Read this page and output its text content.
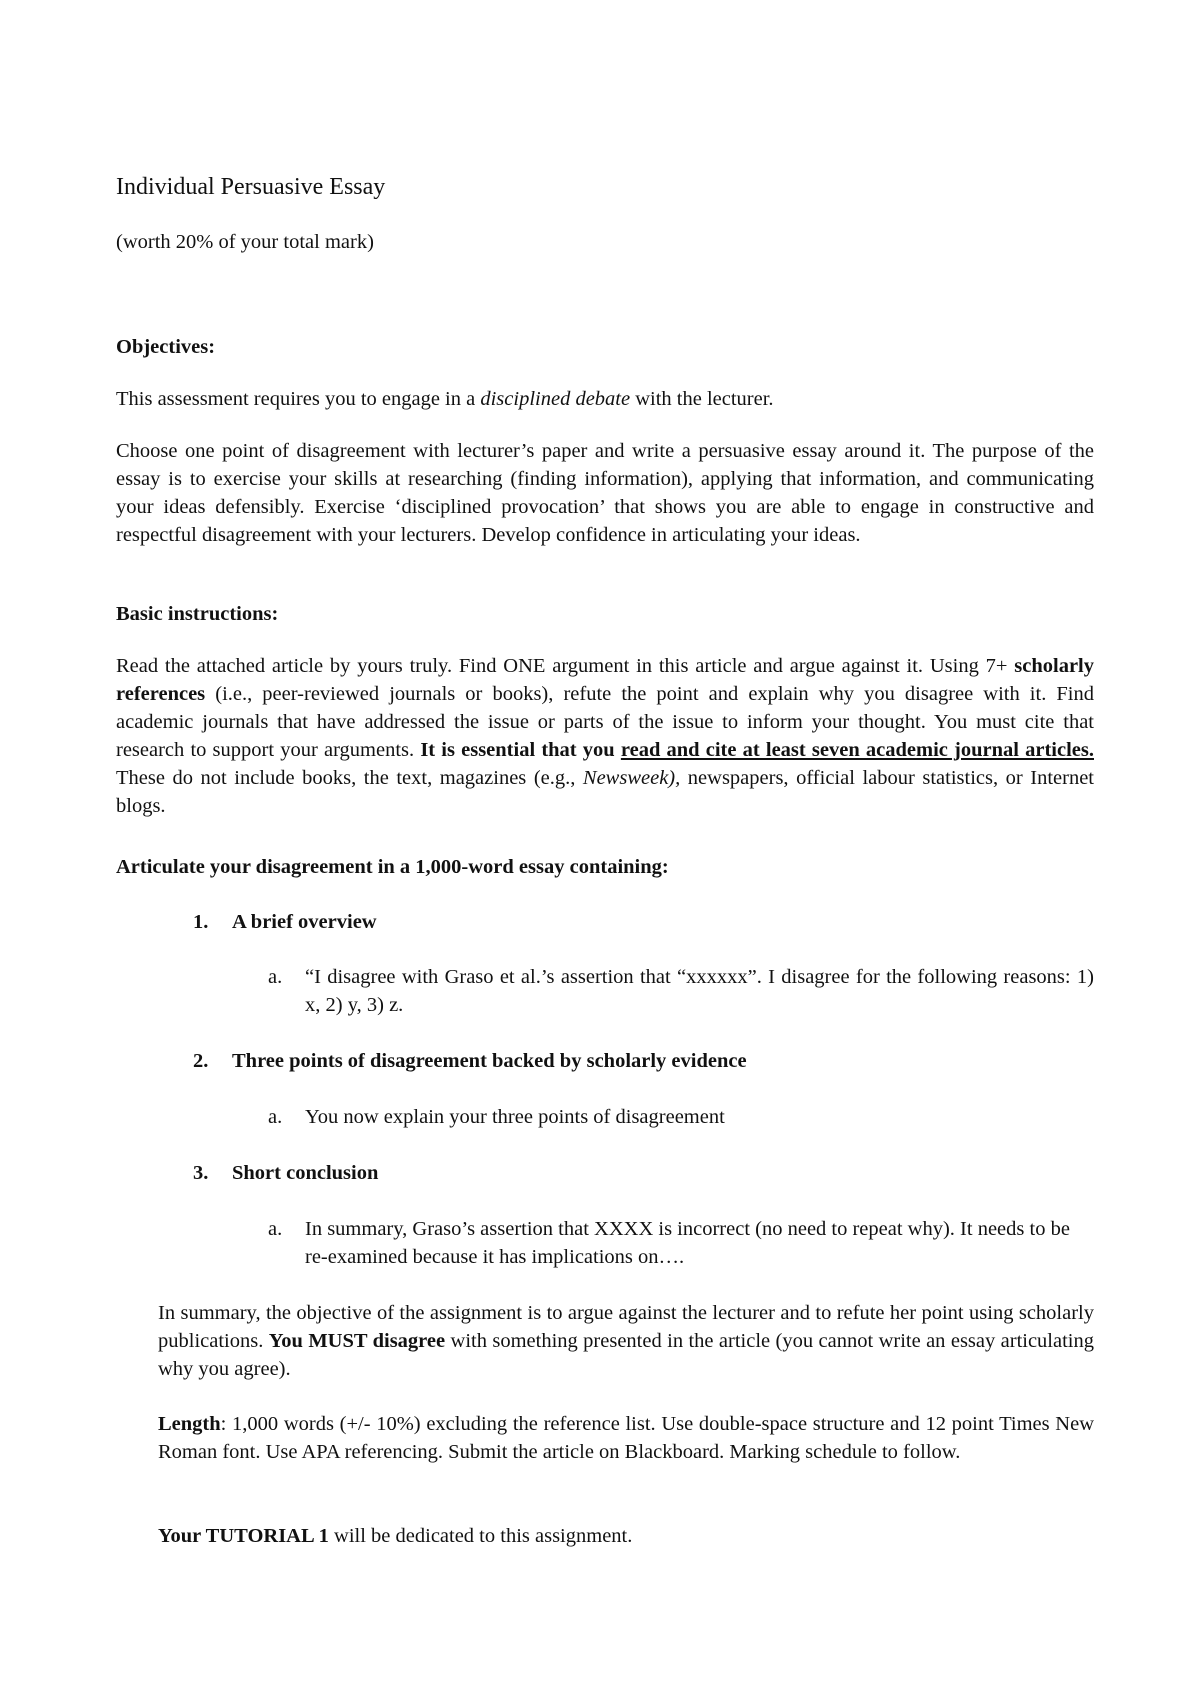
Individual Persuasive Essay

(worth 20% of your total mark)

Objectives:

This assessment requires you to engage in a disciplined debate with the lecturer.

Choose one point of disagreement with lecturer’s paper and write a persuasive essay around it. The purpose of the essay is to exercise your skills at researching (finding information), applying that information, and communicating your ideas defensibly. Exercise ‘disciplined provocation’ that shows you are able to engage in constructive and respectful disagreement with your lecturers. Develop confidence in articulating your ideas.

Basic instructions:

Read the attached article by yours truly. Find ONE argument in this article and argue against it. Using 7+ scholarly references (i.e., peer-reviewed journals or books), refute the point and explain why you disagree with it. Find academic journals that have addressed the issue or parts of the issue to inform your thought. You must cite that research to support your arguments. It is essential that you read and cite at least seven academic journal articles. These do not include books, the text, magazines (e.g., Newsweek), newspapers, official labour statistics, or Internet blogs.

Articulate your disagreement in a 1,000-word essay containing:

1. A brief overview

a. “I disagree with Graso et al.’s assertion that “xxxxxx”. I disagree for the following reasons: 1) x, 2) y, 3) z.

2. Three points of disagreement backed by scholarly evidence

a. You now explain your three points of disagreement

3. Short conclusion

a. In summary, Graso’s assertion that XXXX is incorrect (no need to repeat why). It needs to be re-examined because it has implications on….

In summary, the objective of the assignment is to argue against the lecturer and to refute her point using scholarly publications. You MUST disagree with something presented in the article (you cannot write an essay articulating why you agree).

Length: 1,000 words (+/- 10%) excluding the reference list. Use double-space structure and 12 point Times New Roman font. Use APA referencing. Submit the article on Blackboard. Marking schedule to follow.

Your TUTORIAL 1 will be dedicated to this assignment.
